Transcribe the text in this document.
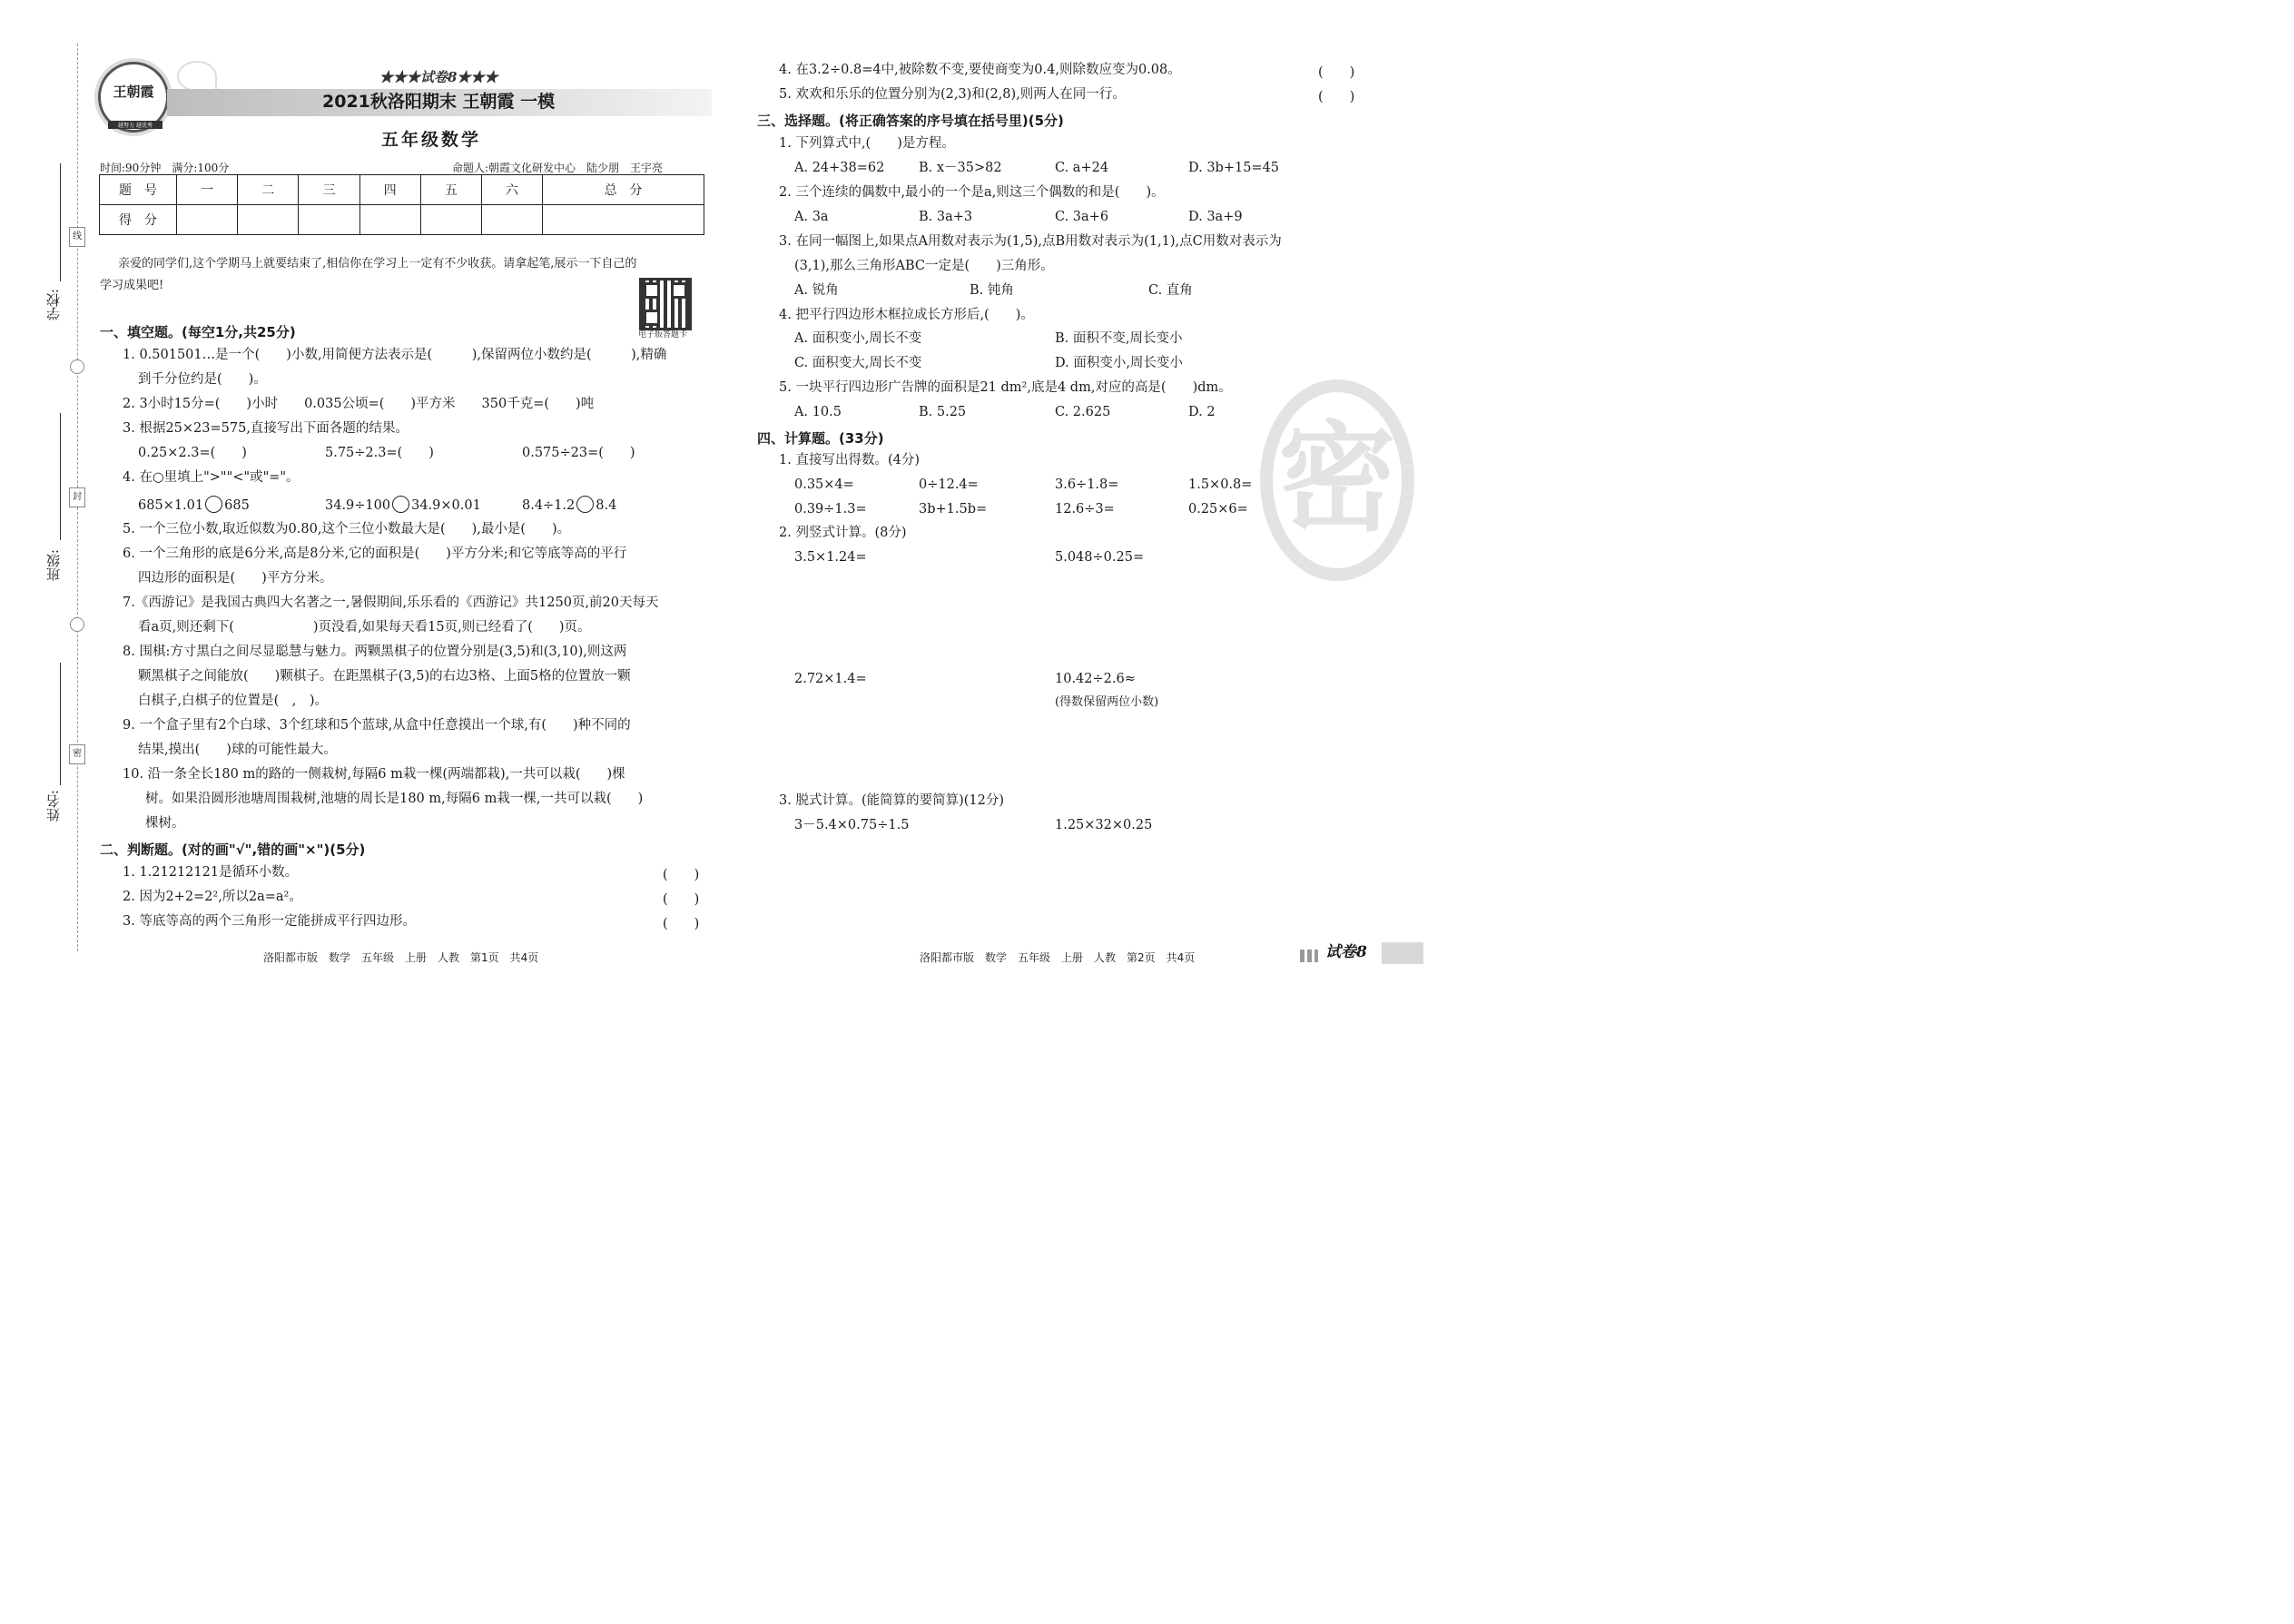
线
封
密
学校:
班级:
姓名:
王朝霞
越努力 越优秀
★★★试卷8★★★
2021秋洛阳期末 王朝霞 一模
五年级数学
时间:90分钟　满分:100分	命题人:朝霞文化研发中心　陆少朋　王宇亮
题　号	一	二	三	四	五	六	总　分
得　分							
亲爱的同学们,这个学期马上就要结束了,相信你在学习上一定有不少收获。请拿起笔,展示一下自己的
学习成果吧!
电子版答题卡
一、填空题。(每空1分,共25分)
1. 0.501501…是一个(　　)小数,用简便方法表示是(　　　),保留两位小数约是(　　　),精确
到千分位约是(　　)。
2. 3小时15分=(　　)小时　　0.035公顷=(　　)平方米　　350千克=(　　)吨
3. 根据25×23=575,直接写出下面各题的结果。
0.25×2.3=(　　)	5.75÷2.3=(　　)	0.575÷23=(　　)
4. 在○里填上">""<"或"="。
685×1.01 685	34.9÷100 34.9×0.01	8.4÷1.2 8.4
5. 一个三位小数,取近似数为0.80,这个三位小数最大是(　　),最小是(　　)。
6. 一个三角形的底是6分米,高是8分米,它的面积是(　　)平方分米;和它等底等高的平行
四边形的面积是(　　)平方分米。
7.《西游记》是我国古典四大名著之一,暑假期间,乐乐看的《西游记》共1250页,前20天每天
看a页,则还剩下(　　　　　　)页没看,如果每天看15页,则已经看了(　　)页。
8. 围棋:方寸黑白之间尽显聪慧与魅力。两颗黑棋子的位置分别是(3,5)和(3,10),则这两
颗黑棋子之间能放(　　)颗棋子。在距黑棋子(3,5)的右边3格、上面5格的位置放一颗
白棋子,白棋子的位置是(　,　)。
9. 一个盒子里有2个白球、3个红球和5个蓝球,从盒中任意摸出一个球,有(　　)种不同的
结果,摸出(　　)球的可能性最大。
10. 沿一条全长180 m的路的一侧栽树,每隔6 m栽一棵(两端都栽),一共可以栽(　　)棵
树。如果沿圆形池塘周围栽树,池塘的周长是180 m,每隔6 m栽一棵,一共可以栽(　　)
棵树。
二、判断题。(对的画"√",错的画"×")(5分)
1. 1.21212121是循环小数。	(　　)
2. 因为2+2=2²,所以2a=a²。	(　　)
3. 等底等高的两个三角形一定能拼成平行四边形。	(　　)
洛阳都市版　数学　五年级　上册　人教　第1页　共4页
4. 在3.2÷0.8=4中,被除数不变,要使商变为0.4,则除数应变为0.08。	(　　)
5. 欢欢和乐乐的位置分别为(2,3)和(2,8),则两人在同一行。	(　　)
三、选择题。(将正确答案的序号填在括号里)(5分)
1. 下列算式中,(　　)是方程。
A. 24+38=62	B. x－35>82	C. a+24	D. 3b+15=45
2. 三个连续的偶数中,最小的一个是a,则这三个偶数的和是(　　)。
A. 3a	B. 3a+3	C. 3a+6	D. 3a+9
3. 在同一幅图上,如果点A用数对表示为(1,5),点B用数对表示为(1,1),点C用数对表示为
(3,1),那么三角形ABC一定是(　　)三角形。
A. 锐角	B. 钝角	C. 直角
4. 把平行四边形木框拉成长方形后,(　　)。
A. 面积变小,周长不变	B. 面积不变,周长变小
C. 面积变大,周长不变	D. 面积变小,周长变小
5. 一块平行四边形广告牌的面积是21 dm²,底是4 dm,对应的高是(　　)dm。
A. 10.5	B. 5.25	C. 2.625	D. 2
四、计算题。(33分)
1. 直接写出得数。(4分)
0.35×4=	0÷12.4=	3.6÷1.8=	1.5×0.8=
0.39÷1.3=	3b+1.5b=	12.6÷3=	0.25×6=
2. 列竖式计算。(8分)
3.5×1.24=	5.048÷0.25=
2.72×1.4=	10.42÷2.6≈
(得数保留两位小数)
3. 脱式计算。(能简算的要简算)(12分)
3－5.4×0.75÷1.5	1.25×32×0.25
密
洛阳都市版　数学　五年级　上册　人教　第2页　共4页	试卷8
